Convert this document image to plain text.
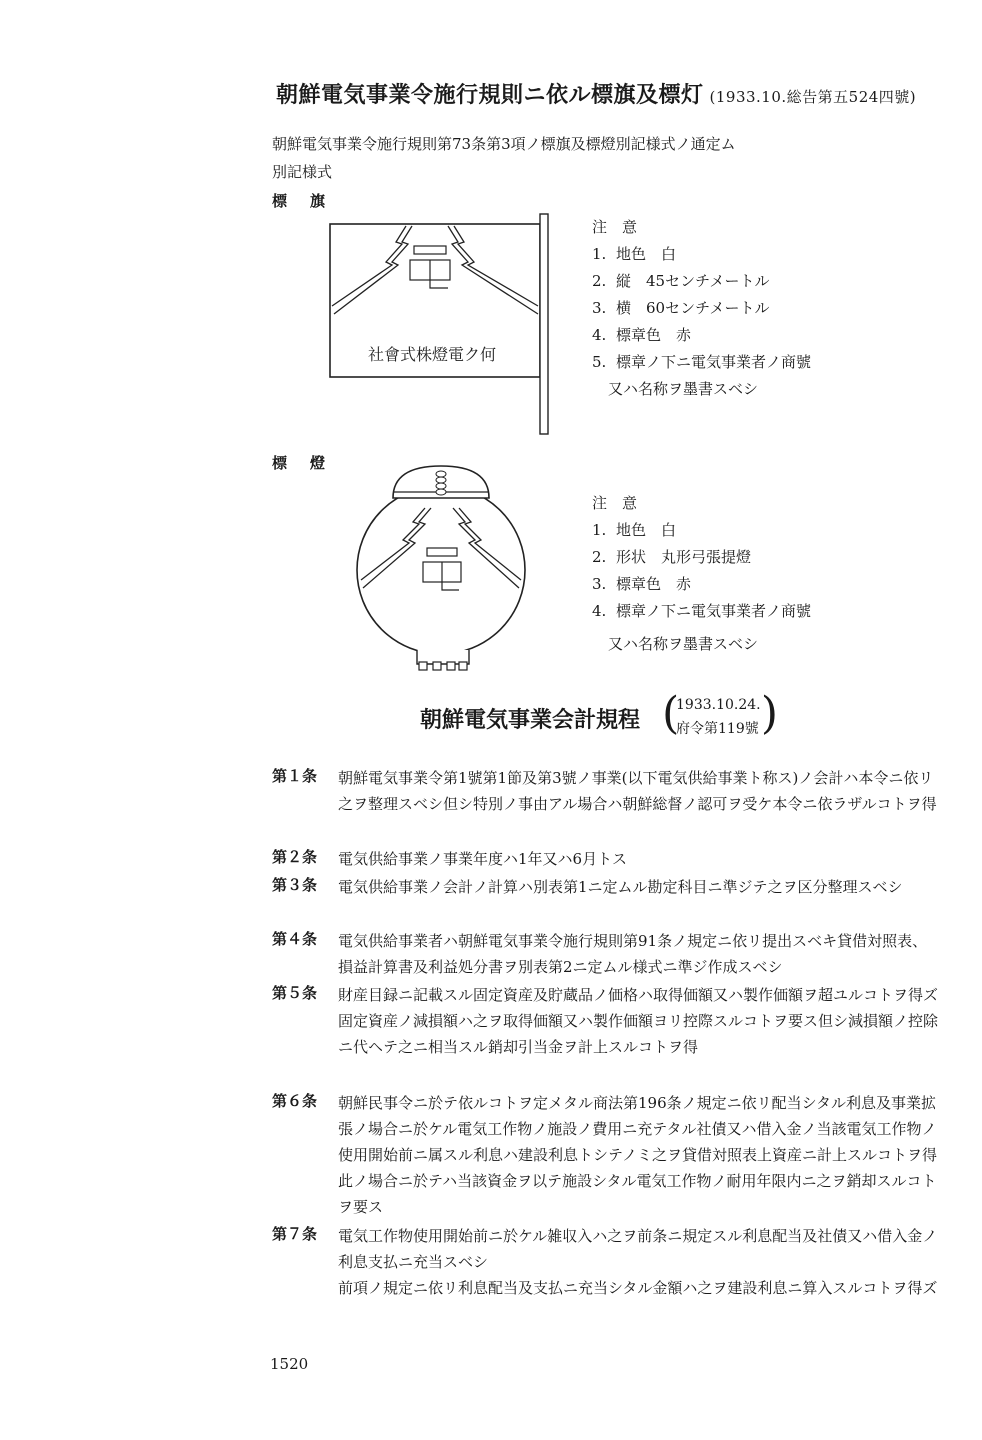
朝鮮電気事業令施行規則ニ依ル標旗及標灯 (1933.10.総告第五524四號)
朝鮮電気事業令施行規則第73条第3項ノ標旗及標燈別記様式ノ通定ム
別記様式
標 旗
社會式株燈電ク何
注　意
1. 地色　白
2. 縦　45センチメートル
3. 横　60センチメートル
4. 標章色　赤
5. 標章ノ下ニ電気事業者ノ商號
又ハ名称ヲ墨書スベシ
標 燈
注　意
1. 地色　白
2. 形状　丸形弓張提燈
3. 標章色　赤
4. 標章ノ下ニ電気事業者ノ商號
又ハ名称ヲ墨書スベシ
朝鮮電気事業会計規程 (
1933.10.24.
府令第119號 )
第１条 朝鮮電気事業令第1號第1節及第3號ノ事業(以下電気供給事業ト称ス)ノ会計ハ本令ニ依リ之ヲ整理スベシ但シ特別ノ事由アル場合ハ朝鮮総督ノ認可ヲ受ケ本令ニ依ラザルコトヲ得

第２条 電気供給事業ノ事業年度ハ1年又ハ6月トス

第３条 電気供給事業ノ会計ノ計算ハ別表第1ニ定ムル勘定科目ニ準ジテ之ヲ区分整理スベシ

第４条 電気供給事業者ハ朝鮮電気事業令施行規則第91条ノ規定ニ依リ提出スベキ貸借対照表、損益計算書及利益処分書ヲ別表第2ニ定ムル様式ニ準ジ作成スベシ

第５条 財産目録ニ記載スル固定資産及貯蔵品ノ価格ハ取得価額又ハ製作価額ヲ超ユルコトヲ得ズ

固定資産ノ減損額ハ之ヲ取得価額又ハ製作価額ヨリ控際スルコトヲ要ス但シ減損額ノ控除ニ代ヘテ之ニ相当スル銷却引当金ヲ計上スルコトヲ得

第６条 朝鮮民事令ニ於テ依ルコトヲ定メタル商法第196条ノ規定ニ依リ配当シタル利息及事業拡張ノ場合ニ於ケル電気工作物ノ施設ノ費用ニ充テタル社債又ハ借入金ノ当該電気工作物ノ使用開始前ニ属スル利息ハ建設利息トシテノミ之ヲ貸借対照表上資産ニ計上スルコトヲ得此ノ場合ニ於テハ当該資金ヲ以テ施設シタル電気工作物ノ耐用年限内ニ之ヲ銷却スルコトヲ要ス

第７条 電気工作物使用開始前ニ於ケル雑収入ハ之ヲ前条ニ規定スル利息配当及社債又ハ借入金ノ利息支払ニ充当スベシ

前項ノ規定ニ依リ利息配当及支払ニ充当シタル金額ハ之ヲ建設利息ニ算入スルコトヲ得ズ

1520
